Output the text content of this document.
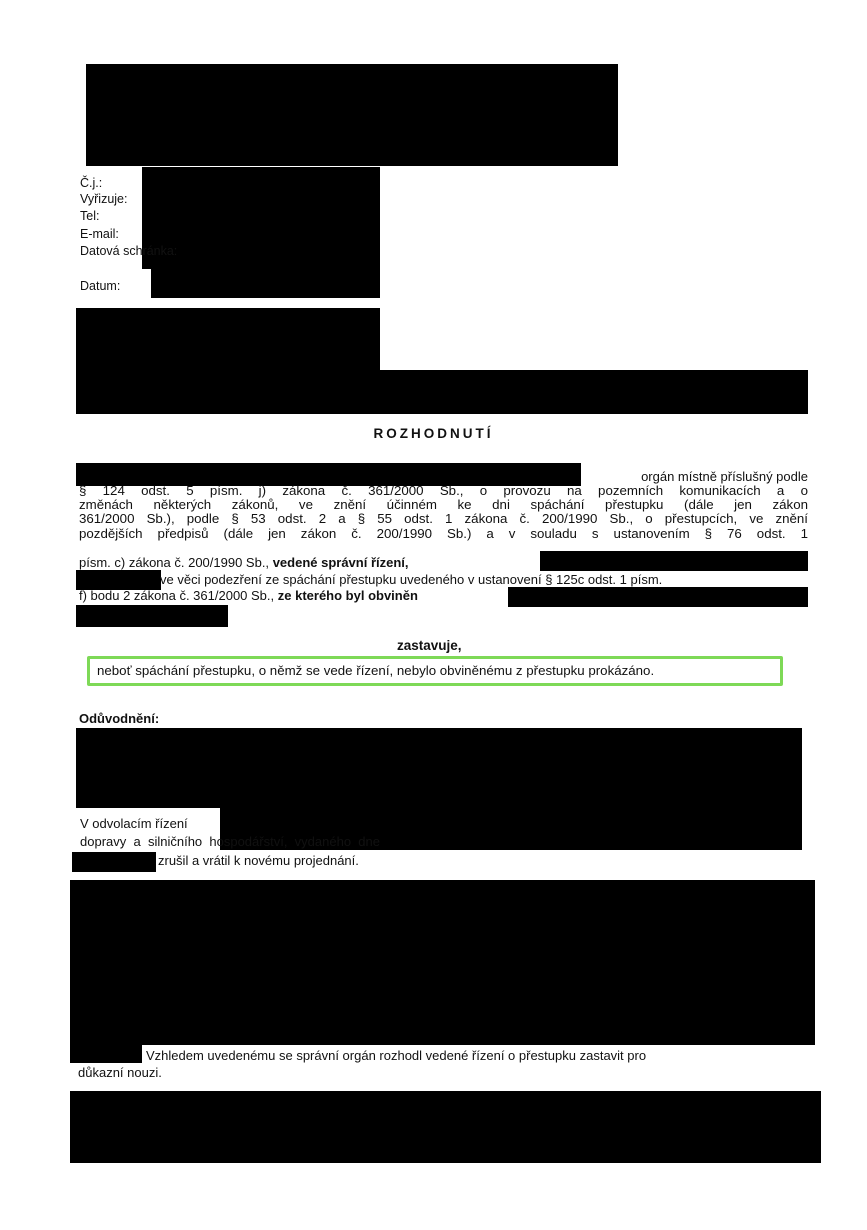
Č.j.:
Vyřizuje:
Tel:
E-mail:
Datová schránka:
Datum:
ROZHODNUTÍ
orgán místně příslušný podle
§ 124 odst. 5 písm. j) zákona č. 361/2000 Sb., o provozu na pozemních komunikacích a o
změnách některých zákonů, ve znění účinném ke dni spáchání přestupku (dále jen zákon
361/2000 Sb.), podle § 53 odst. 2 a § 55 odst. 1 zákona č. 200/1990 Sb., o přestupcích, ve znění
pozdějších předpisů (dále jen zákon č. 200/1990 Sb.) a v souladu s ustanovením § 76 odst. 1
písm. c) zákona č. 200/1990 Sb., vedené správní řízení,
ve věci podezření ze spáchání přestupku uvedeného v ustanovení § 125c odst. 1 písm.
f) bodu 2 zákona č. 361/2000 Sb., ze kterého byl obviněn
zastavuje,
neboť spáchání přestupku, o němž se vede řízení, nebylo obviněnému z přestupku prokázáno.
Odůvodnění:
V odvolacím řízení
dopravy a silničního hospodářství, vydaného dne
zrušil a vrátil k novému projednání.
Vzhledem uvedenému se správní orgán rozhodl vedené řízení o přestupku zastavit pro
důkazní nouzi.
